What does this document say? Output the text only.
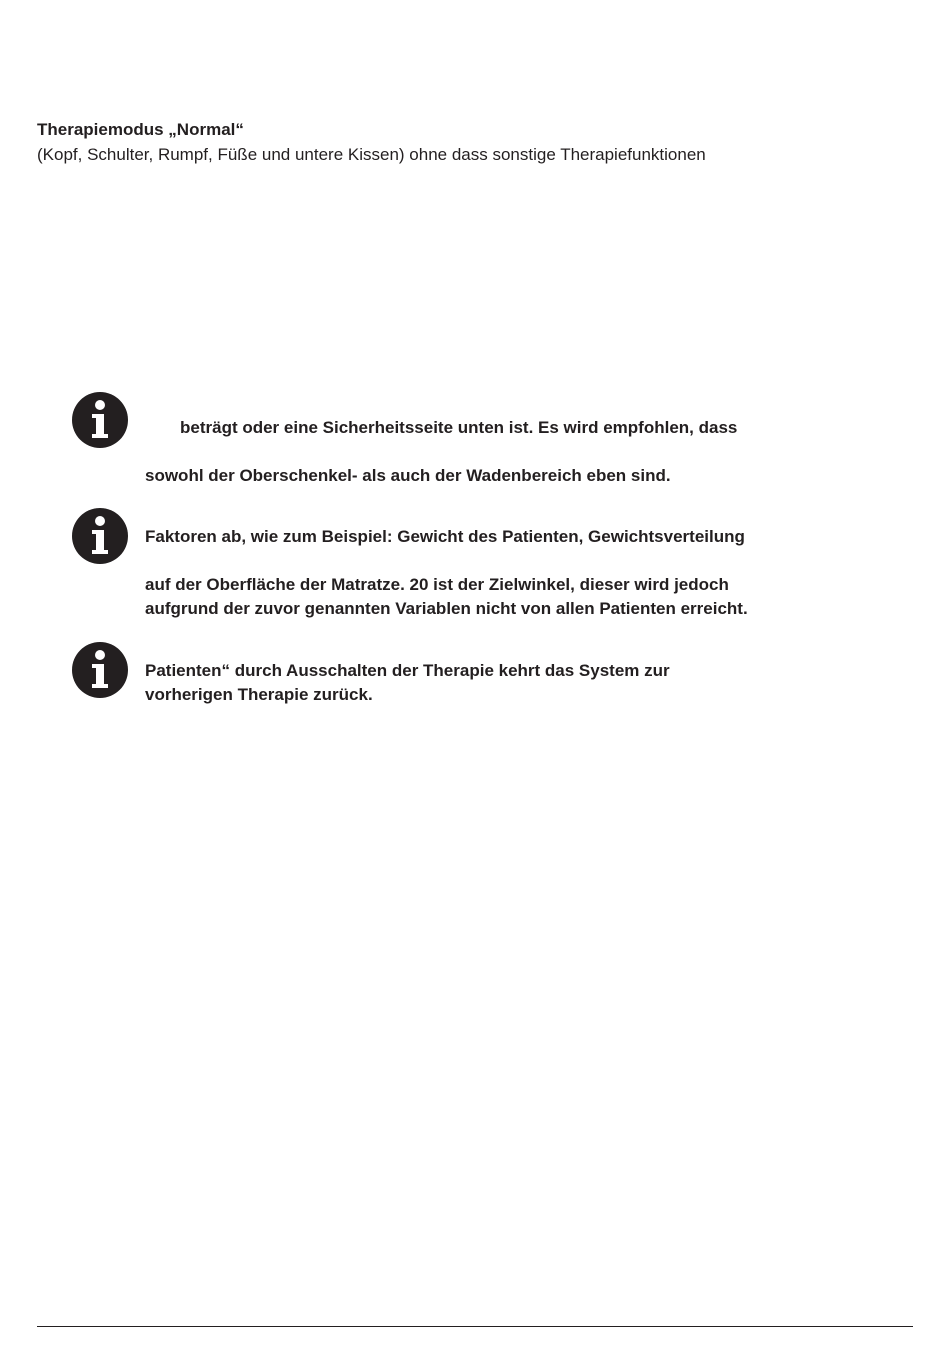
Therapiemodus „Normal“
(Kopf, Schulter, Rumpf, Füße und untere Kissen) ohne dass sonstige Therapiefunktionen
beträgt oder eine Sicherheitsseite unten ist. Es wird empfohlen, dass
sowohl der Oberschenkel- als auch der Wadenbereich eben sind.
Faktoren ab, wie zum Beispiel: Gewicht des Patienten, Gewichtsverteilung
auf der Oberfläche der Matratze. 20 ist der Zielwinkel, dieser wird jedoch
aufgrund der zuvor genannten Variablen nicht von allen Patienten erreicht.
Patienten“ durch Ausschalten der Therapie kehrt das System zur
vorherigen Therapie zurück.
